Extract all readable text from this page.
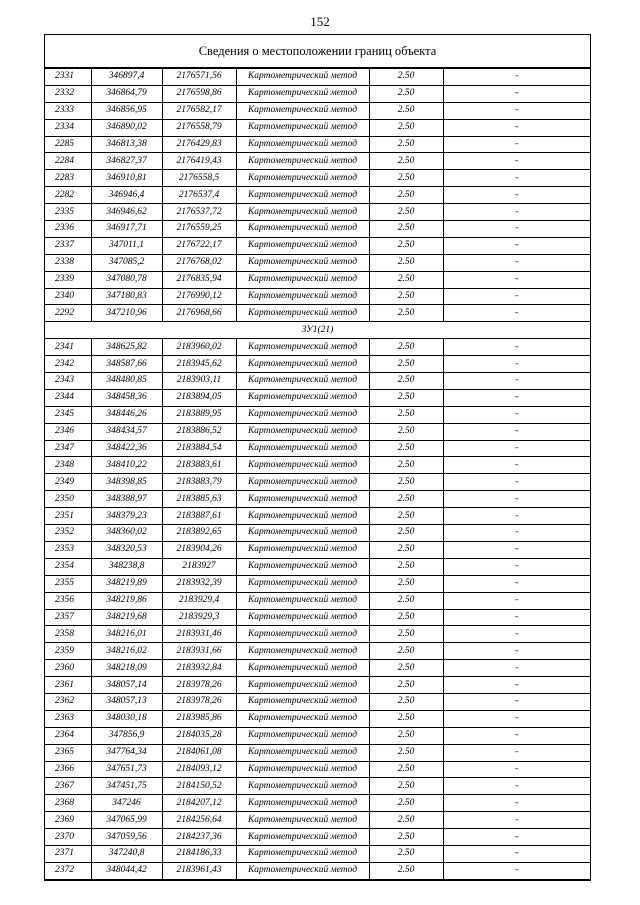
152
Сведения о местоположении границ объекта
2331	346897,4	2176571,56	Картометрический метод	2.50	-
2332	346864,79	2176598,86	Картометрический метод	2.50	-
2333	346856,95	2176582,17	Картометрический метод	2.50	-
2334	346890,02	2176558,79	Картометрический метод	2.50	-
2285	346813,38	2176429,83	Картометрический метод	2.50	-
2284	346827,37	2176419,43	Картометрический метод	2.50	-
2283	346910,81	2176558,5	Картометрический метод	2.50	-
2282	346946,4	2176537,4	Картометрический метод	2.50	-
2335	346946,62	2176537,72	Картометрический метод	2.50	-
2336	346917,71	2176559,25	Картометрический метод	2.50	-
2337	347011,1	2176722,17	Картометрический метод	2.50	-
2338	347085,2	2176768,02	Картометрический метод	2.50	-
2339	347080,78	2176835,94	Картометрический метод	2.50	-
2340	347180,83	2176990,12	Картометрический метод	2.50	-
2292	347210,96	2176968,66	Картометрический метод	2.50	-
ЗУ1(21)					
2341	348625,82	2183960,02	Картометрический метод	2.50	-
2342	348587,66	2183945,62	Картометрический метод	2.50	-
2343	348480,85	2183903,11	Картометрический метод	2.50	-
2344	348458,36	2183894,05	Картометрический метод	2.50	-
2345	348446,26	2183889,95	Картометрический метод	2.50	-
2346	348434,57	2183886,52	Картометрический метод	2.50	-
2347	348422,36	2183884,54	Картометрический метод	2.50	-
2348	348410,22	2183883,61	Картометрический метод	2.50	-
2349	348398,85	2183883,79	Картометрический метод	2.50	-
2350	348388,97	2183885,63	Картометрический метод	2.50	-
2351	348379,23	2183887,61	Картометрический метод	2.50	-
2352	348360,02	2183892,65	Картометрический метод	2.50	-
2353	348320,53	2183904,26	Картометрический метод	2.50	-
2354	348238,8	2183927	Картометрический метод	2.50	-
2355	348219,89	2183932,39	Картометрический метод	2.50	-
2356	348219,86	2183929,4	Картометрический метод	2.50	-
2357	348219,68	2183929,3	Картометрический метод	2.50	-
2358	348216,01	2183931,46	Картометрический метод	2.50	-
2359	348216,02	2183931,66	Картометрический метод	2.50	-
2360	348218,09	2183932,84	Картометрический метод	2.50	-
2361	348057,14	2183978,26	Картометрический метод	2.50	-
2362	348057,13	2183978,26	Картометрический метод	2.50	-
2363	348030,18	2183985,86	Картометрический метод	2.50	-
2364	347856,9	2184035,28	Картометрический метод	2.50	-
2365	347764,34	2184061,08	Картометрический метод	2.50	-
2366	347651,73	2184093,12	Картометрический метод	2.50	-
2367	347451,75	2184150,52	Картометрический метод	2.50	-
2368	347246	2184207,12	Картометрический метод	2.50	-
2369	347065,99	2184256,64	Картометрический метод	2.50	-
2370	347059,56	2184237,36	Картометрический метод	2.50	-
2371	347240,8	2184186,33	Картометрический метод	2.50	-
2372	348044,42	2183961,43	Картометрический метод	2.50	-
